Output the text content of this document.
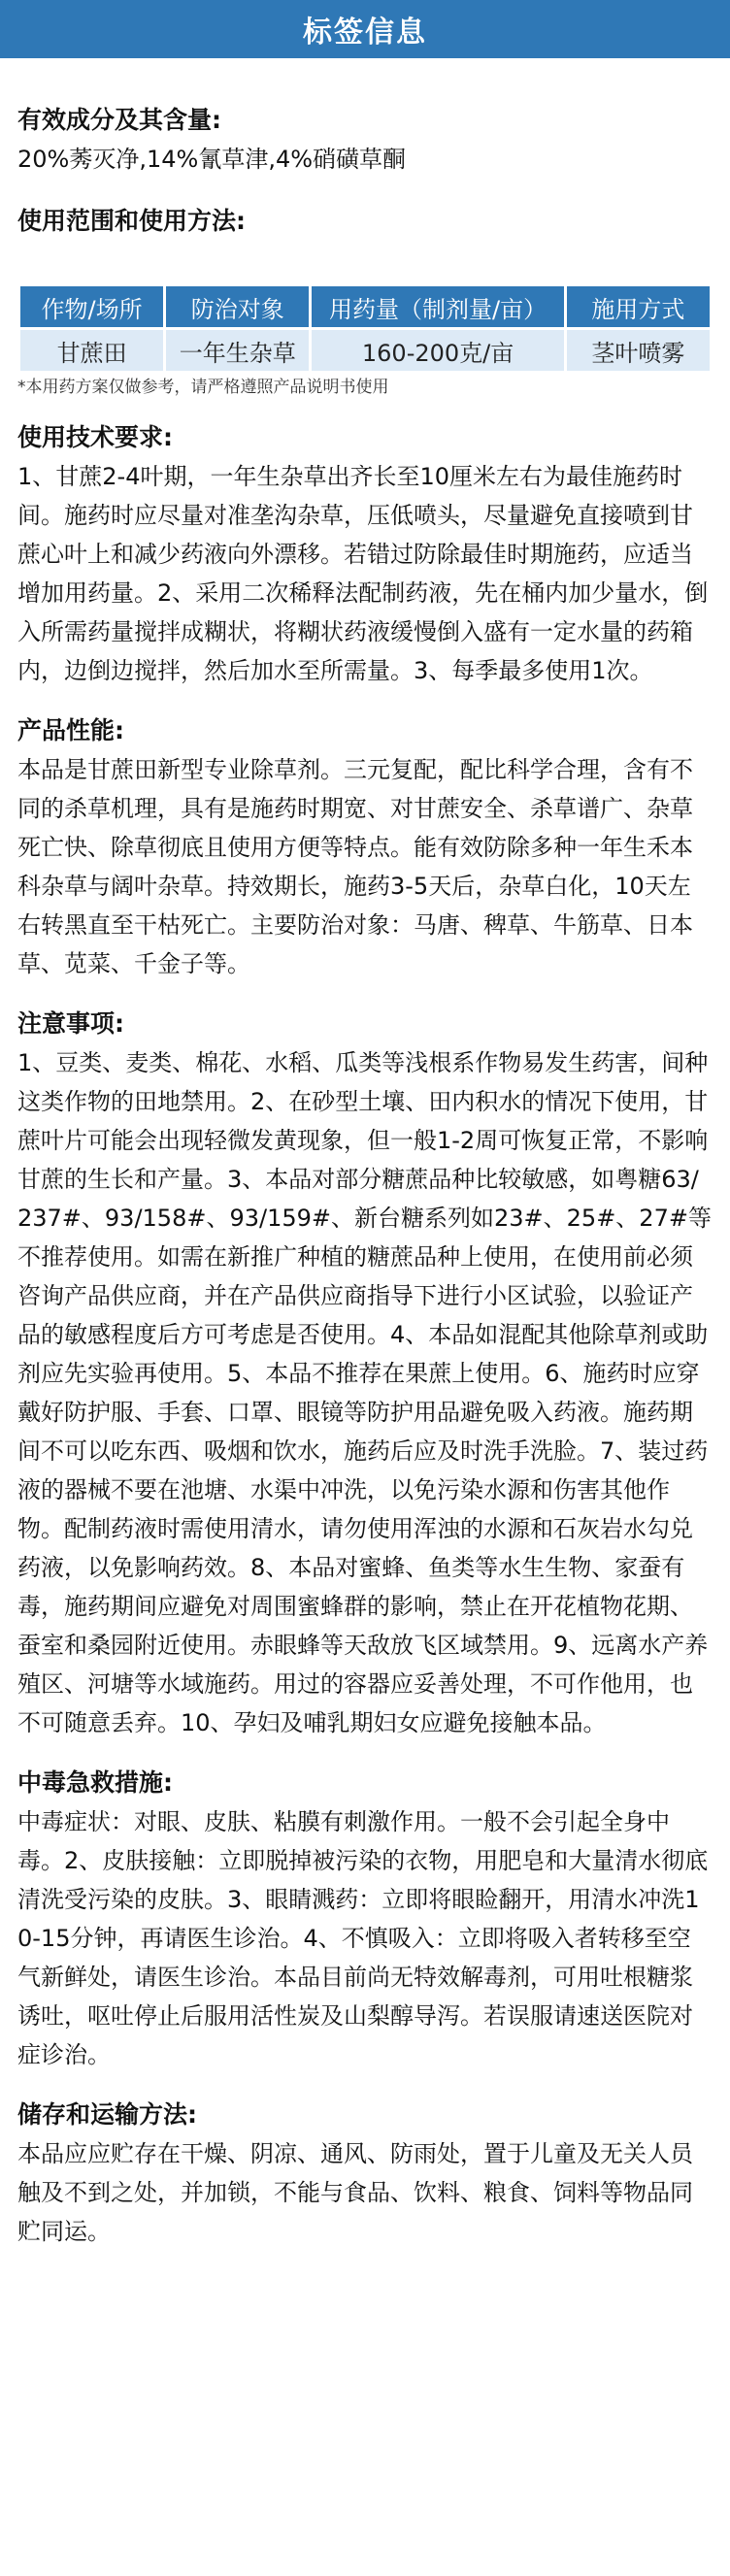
标签信息

有效成分及其含量:

20%莠灭净,14%氰草津,4%硝磺草酮

使用范围和使用方法:

作物/场所	防治对象	用药量（制剂量/亩）	施用方式
甘蔗田	一年生杂草	160-200克/亩	茎叶喷雾

*本用药方案仅做参考，请严格遵照产品说明书使用

使用技术要求:

1、甘蔗2-4叶期，一年生杂草出齐长至10厘米左右为最佳施药时间。施药时应尽量对准垄沟杂草，压低喷头，尽量避免直接喷到甘蔗心叶上和减少药液向外漂移。若错过防除最佳时期施药，应适当增加用药量。2、采用二次稀释法配制药液，先在桶内加少量水，倒入所需药量搅拌成糊状，将糊状药液缓慢倒入盛有一定水量的药箱内，边倒边搅拌，然后加水至所需量。3、每季最多使用1次。

产品性能:

本品是甘蔗田新型专业除草剂。三元复配，配比科学合理，含有不同的杀草机理，具有是施药时期宽、对甘蔗安全、杀草谱广、杂草死亡快、除草彻底且使用方便等特点。能有效防除多种一年生禾本科杂草与阔叶杂草。持效期长，施药3-5天后，杂草白化，10天左右转黑直至干枯死亡。主要防治对象：马唐、稗草、牛筋草、日本草、苋菜、千金子等。

注意事项:

1、豆类、麦类、棉花、水稻、瓜类等浅根系作物易发生药害，间种这类作物的田地禁用。2、在砂型土壤、田内积水的情况下使用，甘蔗叶片可能会出现轻微发黄现象，但一般1-2周可恢复正常，不影响甘蔗的生长和产量。3、本品对部分糖蔗品种比较敏感，如粤糖63/237#、93/158#、93/159#、新台糖系列如23#、25#、27#等不推荐使用。如需在新推广种植的糖蔗品种上使用，在使用前必须咨询产品供应商，并在产品供应商指导下进行小区试验，以验证产品的敏感程度后方可考虑是否使用。4、本品如混配其他除草剂或助剂应先实验再使用。5、本品不推荐在果蔗上使用。6、施药时应穿戴好防护服、手套、口罩、眼镜等防护用品避免吸入药液。施药期间不可以吃东西、吸烟和饮水，施药后应及时洗手洗脸。7、装过药液的器械不要在池塘、水渠中冲洗，以免污染水源和伤害其他作物。配制药液时需使用清水，请勿使用浑浊的水源和石灰岩水勾兑药液，以免影响药效。8、本品对蜜蜂、鱼类等水生生物、家蚕有毒，施药期间应避免对周围蜜蜂群的影响，禁止在开花植物花期、蚕室和桑园附近使用。赤眼蜂等天敌放飞区域禁用。9、远离水产养殖区、河塘等水域施药。用过的容器应妥善处理，不可作他用，也不可随意丢弃。10、孕妇及哺乳期妇女应避免接触本品。

中毒急救措施:

中毒症状：对眼、皮肤、粘膜有刺激作用。一般不会引起全身中毒。2、皮肤接触：立即脱掉被污染的衣物，用肥皂和大量清水彻底清洗受污染的皮肤。3、眼睛溅药：立即将眼睑翻开，用清水冲洗10-15分钟，再请医生诊治。4、不慎吸入：立即将吸入者转移至空气新鲜处，请医生诊治。本品目前尚无特效解毒剂，可用吐根糖浆诱吐，呕吐停止后服用活性炭及山梨醇导泻。若误服请速送医院对症诊治。

储存和运输方法:

本品应应贮存在干燥、阴凉、通风、防雨处，置于儿童及无关人员触及不到之处，并加锁，不能与食品、饮料、粮食、饲料等物品同贮同运。
